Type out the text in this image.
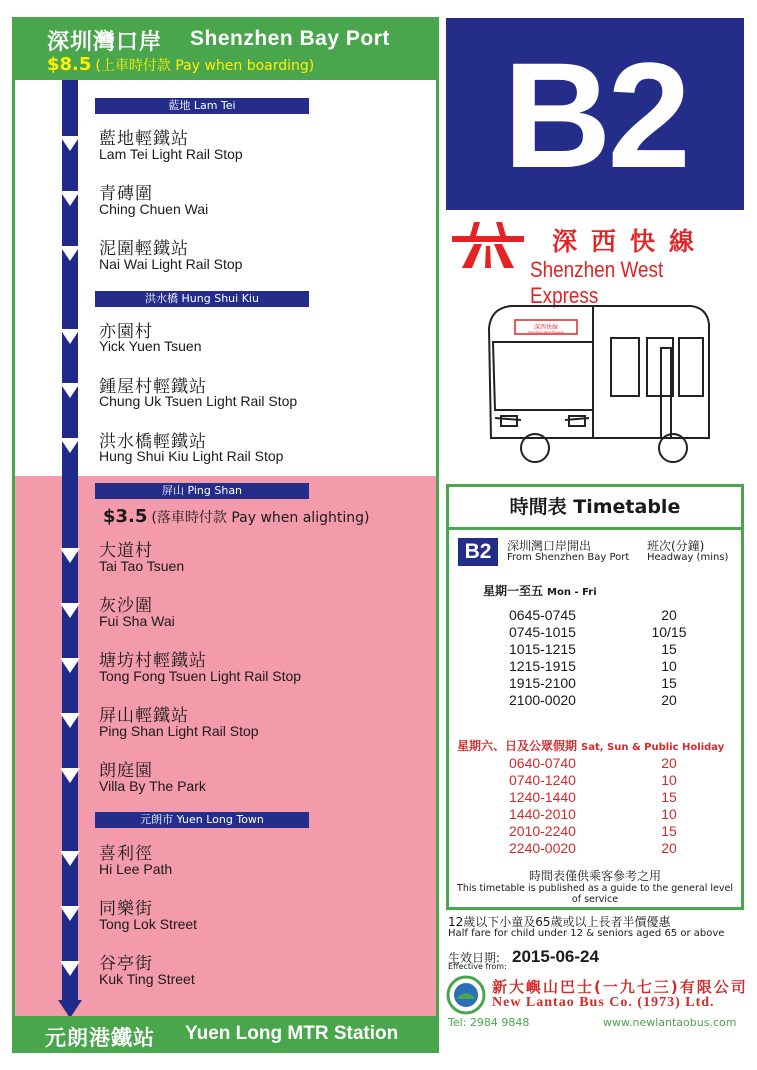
深圳灣口岸 Shenzhen Bay Port
$8.5 (上車時付款 Pay when boarding)
藍地 Lam Tei
洪水橋 Hung Shui Kiu
屏山 Ping Shan
元朗市 Yuen Long Town
$3.5 (落車時付款 Pay when alighting)
藍地輕鐵站
Lam Tei Light Rail Stop
青磚圍
Ching Chuen Wai
泥圍輕鐵站
Nai Wai Light Rail Stop
亦園村
Yick Yuen Tsuen
鍾屋村輕鐵站
Chung Uk Tsuen Light Rail Stop
洪水橋輕鐵站
Hung Shui Kiu Light Rail Stop
大道村
Tai Tao Tsuen
灰沙圍
Fui Sha Wai
塘坊村輕鐵站
Tong Fong Tsuen Light Rail Stop
屏山輕鐵站
Ping Shan Light Rail Stop
朗庭園
Villa By The Park
喜利徑
Hi Lee Path
同樂街
Tong Lok Street
谷亭街
Kuk Ting Street
元朗港鐵站 Yuen Long MTR Station
B2
深西快線
Shenzhen West Express
深西快線
Shenzhen West Express
時間表 Timetable
B2	深圳灣口岸開出
From Shenzhen Bay Port
班次(分鐘)
Headway (mins)
星期一至五 Mon - Fri
0645-0745	20
0745-1015	10/15
1015-1215	15
1215-1915	10
1915-2100	15
2100-0020	20
星期六、日及公眾假期 Sat, Sun & Public Holiday
0640-0740	20
0740-1240	10
1240-1440	15
1440-2010	10
2010-2240	15
2240-0020	20
時間表僅供乘客參考之用
This timetable is published as a guide to the general level of service
12歲以下小童及65歲或以上長者半價優惠
Half fare for child under 12 & seniors aged 65 or above
生效日期:
Effective from:
2015-06-24
新大嶼山巴士(一九七三)有限公司
New Lantao Bus Co. (1973) Ltd.
Tel: 2984 9848	www.newlantaobus.com
